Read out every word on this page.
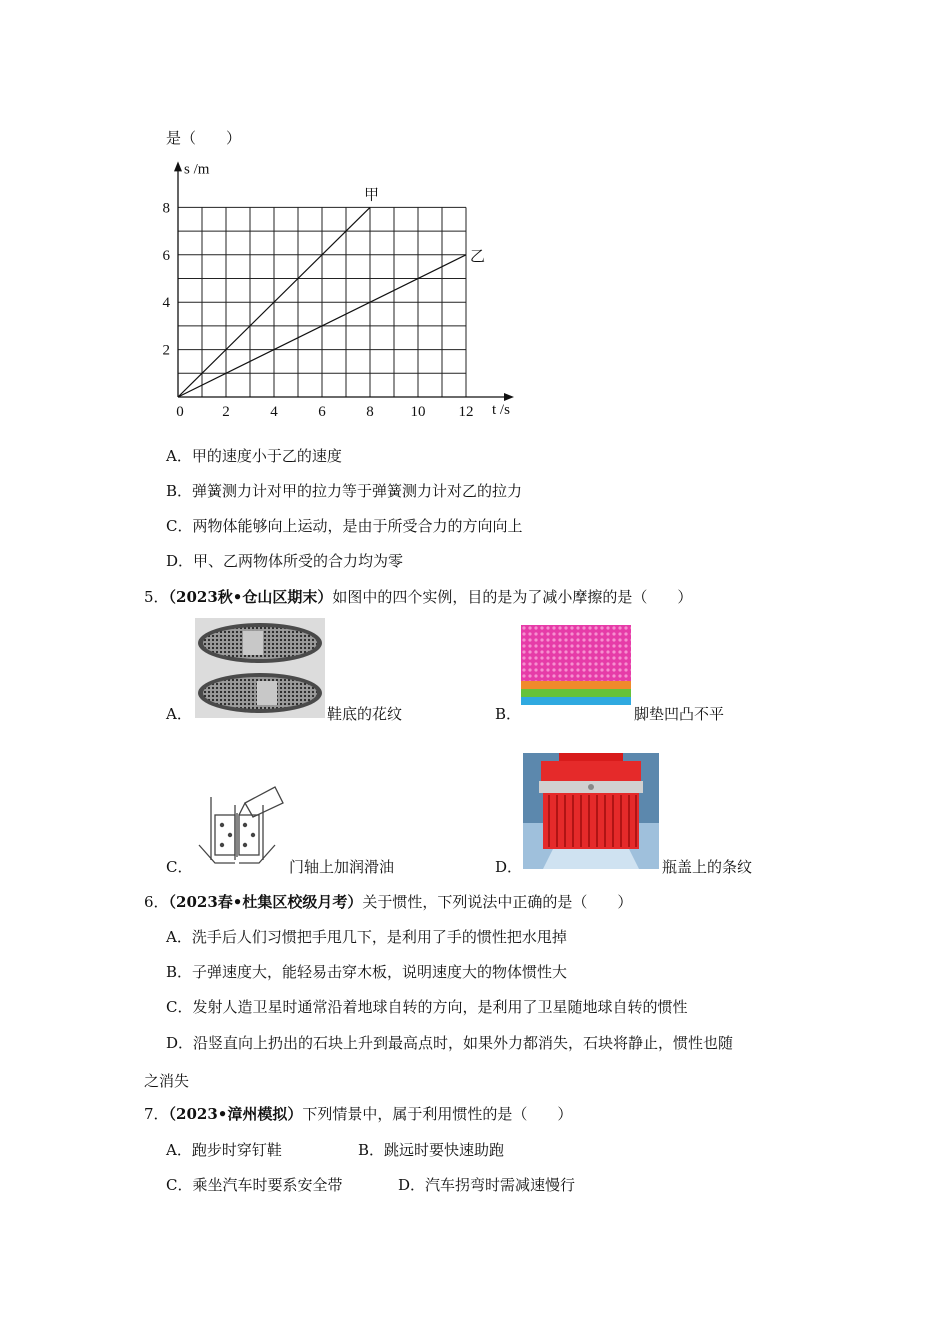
是（　　）
甲
乙
0	2	4	6	8 10 12
2
4
6
8
s /m
t /s
A．甲的速度小于乙的速度
B．弹簧测力计对甲的拉力等于弹簧测力计对乙的拉力
C．两物体能够向上运动，是由于所受合力的方向向上
D．甲、乙两物体所受的合力均为零
5．（2023秋•仓山区期末）如图中的四个实例，目的是为了减小摩擦的是（　　）
A．	鞋底的花纹	B．	脚垫凹凸不平
C．	门轴上加润滑油	D．	瓶盖上的条纹
6．（2023春•杜集区校级月考）关于惯性，下列说法中正确的是（　　）
A．洗手后人们习惯把手甩几下，是利用了手的惯性把水甩掉
B．子弹速度大，能轻易击穿木板，说明速度大的物体惯性大
C．发射人造卫星时通常沿着地球自转的方向，是利用了卫星随地球自转的惯性
D．沿竖直向上扔出的石块上升到最高点时，如果外力都消失，石块将静止，惯性也随
之消失
7．（2023•漳州模拟）下列情景中，属于利用惯性的是（　　）
A．跑步时穿钉鞋	B．跳远时要快速助跑
C．乘坐汽车时要系安全带	D．汽车拐弯时需减速慢行
